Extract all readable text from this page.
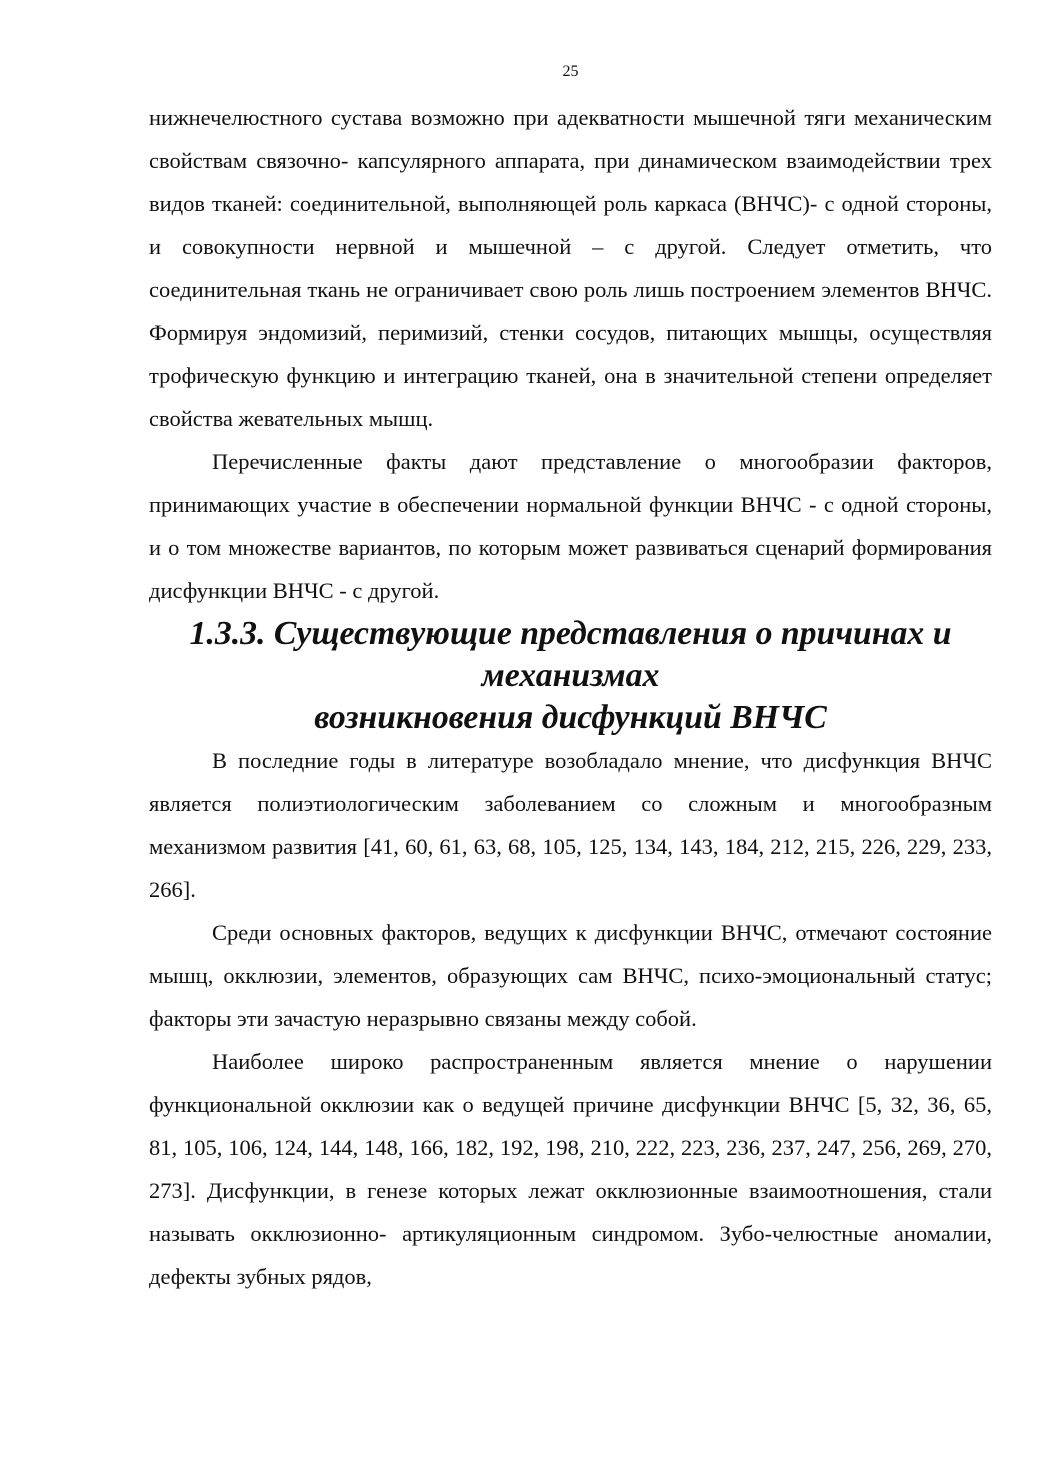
25

нижнечелюстного сустава возможно при адекватности мышечной тяги механическим свойствам связочно- капсулярного аппарата, при динамическом взаимодействии трех видов тканей: соединительной, выполняющей роль каркаса (ВНЧС)- с одной стороны, и совокупности нервной и мышечной – с другой. Следует отметить, что соединительная ткань не ограничивает свою роль лишь построением элементов ВНЧС. Формируя эндомизий, перимизий, стенки сосудов, питающих мышцы, осуществляя трофическую функцию и интеграцию тканей, она в значительной степени определяет свойства жевательных мышц.

Перечисленные факты дают представление о многообразии факторов, принимающих участие в обеспечении нормальной функции ВНЧС - с одной стороны, и о том множестве вариантов, по которым может развиваться сценарий формирования дисфункции ВНЧС - с другой.

1.3.3. Существующие представления о причинах и механизмах
возникновения дисфункций ВНЧС

В последние годы в литературе возобладало мнение, что дисфункция ВНЧС является полиэтиологическим заболеванием со сложным и многообразным механизмом развития [41, 60, 61, 63, 68, 105, 125, 134, 143, 184, 212, 215, 226, 229, 233, 266].

Среди основных факторов, ведущих к дисфункции ВНЧС, отмечают состояние мышц, окклюзии, элементов, образующих сам ВНЧС, психо-эмоциональный статус; факторы эти зачастую неразрывно связаны между собой.

Наиболее широко распространенным является мнение о нарушении функциональной окклюзии как о ведущей причине дисфункции ВНЧС [5, 32, 36, 65, 81, 105, 106, 124, 144, 148, 166, 182, 192, 198, 210, 222, 223, 236, 237, 247, 256, 269, 270, 273]. Дисфункции, в генезе которых лежат окклюзионные взаимоотношения, стали называть окклюзионно- артикуляционным синдромом. Зубо-челюстные аномалии, дефекты зубных рядов,
